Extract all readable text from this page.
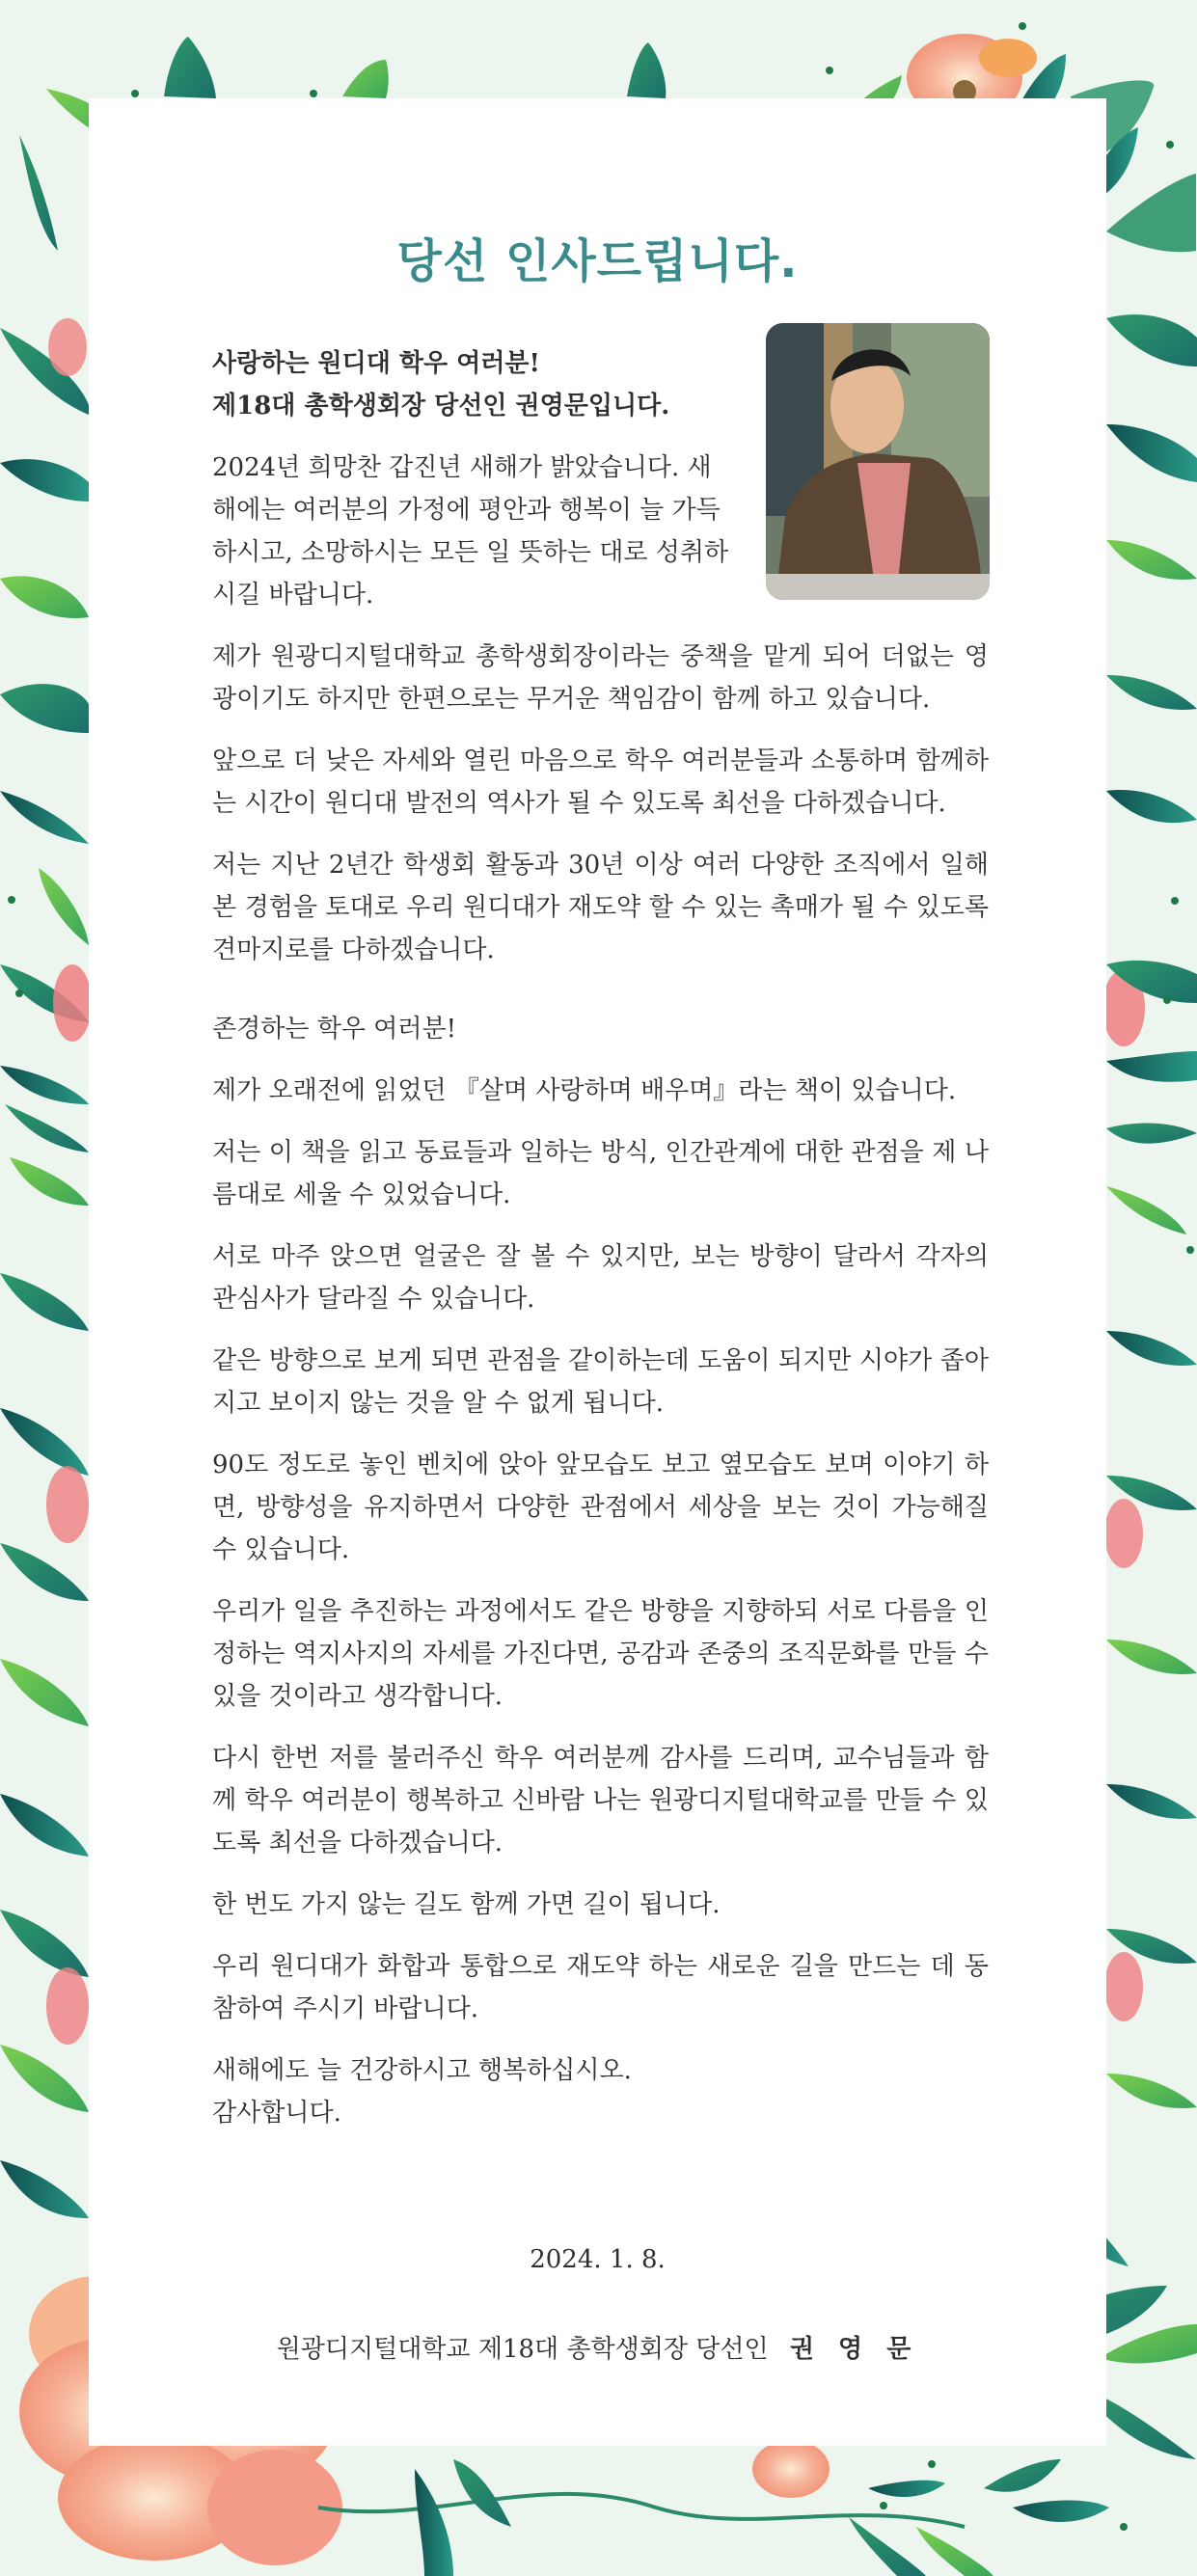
당선 인사드립니다.

사랑하는 원디대 학우 여러분!
제18대 총학생회장 당선인 권영문입니다.

2024년 희망찬 갑진년 새해가 밝았습니다. 새해에는 여러분의 가정에 평안과 행복이 늘 가득하시고, 소망하시는 모든 일 뜻하는 대로 성취하시길 바랍니다.

제가 원광디지털대학교 총학생회장이라는 중책을 맡게 되어 더없는 영광이기도 하지만 한편으로는 무거운 책임감이 함께 하고 있습니다.

앞으로 더 낮은 자세와 열린 마음으로 학우 여러분들과 소통하며 함께하는 시간이 원디대 발전의 역사가 될 수 있도록 최선을 다하겠습니다.

저는 지난 2년간 학생회 활동과 30년 이상 여러 다양한 조직에서 일해 본 경험을 토대로 우리 원디대가 재도약 할 수 있는 촉매가 될 수 있도록 견마지로를 다하겠습니다.

존경하는 학우 여러분!

제가 오래전에 읽었던 『살며 사랑하며 배우며』라는 책이 있습니다.

저는 이 책을 읽고 동료들과 일하는 방식, 인간관계에 대한 관점을 제 나름대로 세울 수 있었습니다.

서로 마주 앉으면 얼굴은 잘 볼 수 있지만, 보는 방향이 달라서 각자의 관심사가 달라질 수 있습니다.

같은 방향으로 보게 되면 관점을 같이하는데 도움이 되지만 시야가 좁아지고 보이지 않는 것을 알 수 없게 됩니다.

90도 정도로 놓인 벤치에 앉아 앞모습도 보고 옆모습도 보며 이야기 하면, 방향성을 유지하면서 다양한 관점에서 세상을 보는 것이 가능해질 수 있습니다.

우리가 일을 추진하는 과정에서도 같은 방향을 지향하되 서로 다름을 인정하는 역지사지의 자세를 가진다면, 공감과 존중의 조직문화를 만들 수 있을 것이라고 생각합니다.

다시 한번 저를 불러주신 학우 여러분께 감사를 드리며, 교수님들과 함께 학우 여러분이 행복하고 신바람 나는 원광디지털대학교를 만들 수 있도록 최선을 다하겠습니다.

한 번도 가지 않는 길도 함께 가면 길이 됩니다.

우리 원디대가 화합과 통합으로 재도약 하는 새로운 길을 만드는 데 동참하여 주시기 바랍니다.

새해에도 늘 건강하시고 행복하십시오.
감사합니다.

2024. 1. 8.
원광디지털대학교 제18대 총학생회장 당선인 권 영 문
